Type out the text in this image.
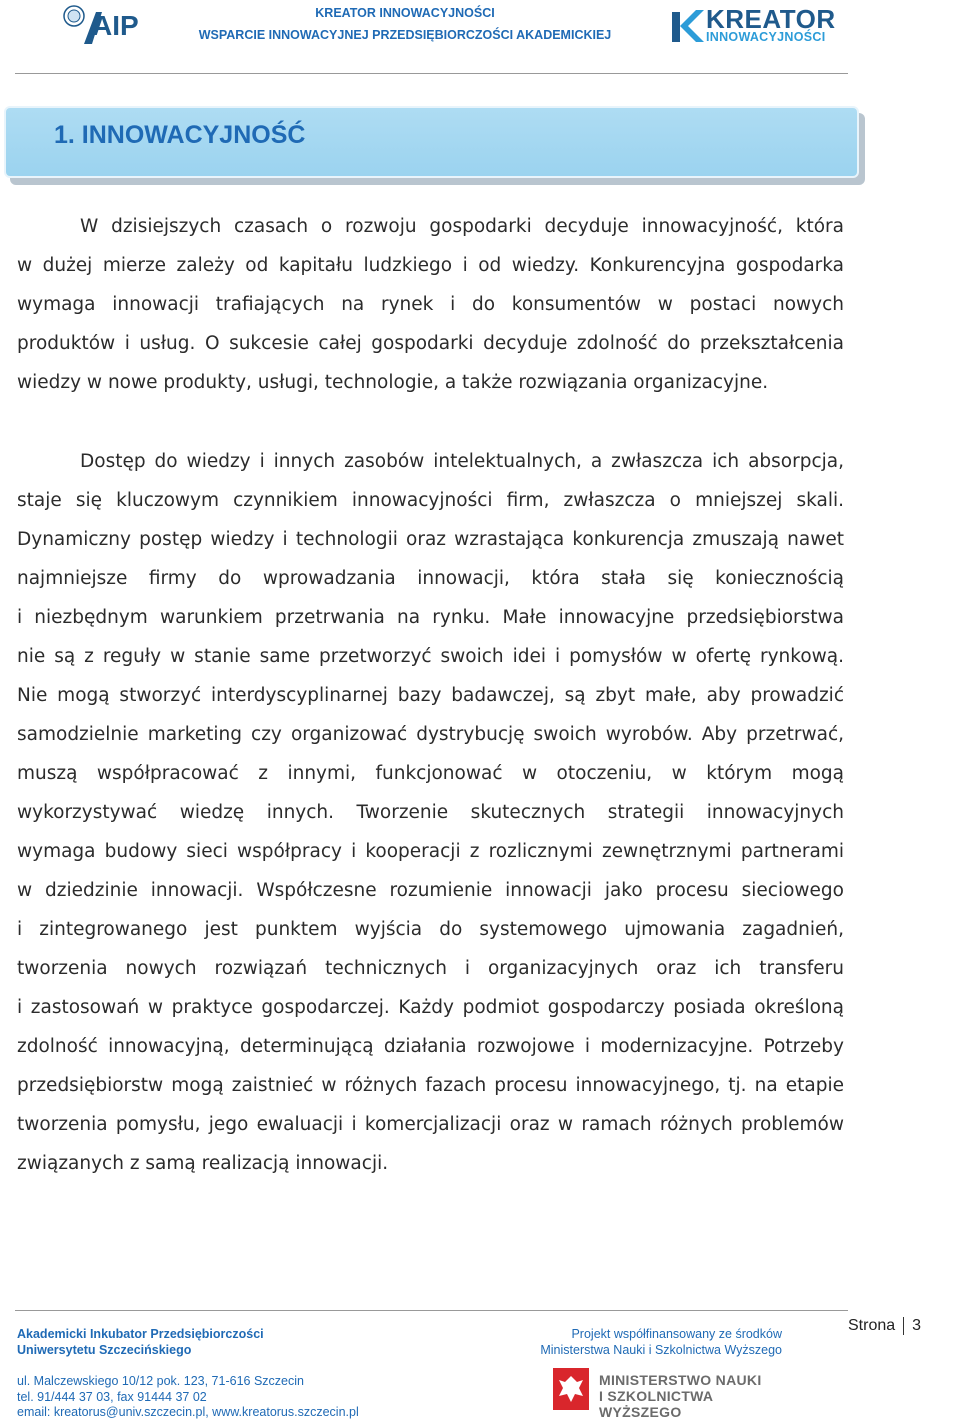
AIP	KREATOR INNOWACYJNOŚCI
WSPARCIE INNOWACYJNEJ PRZEDSIĘBIORCZOŚCI AKADEMICKIEJ
KREATOR
INNOWACYJNOŚCI
1. INNOWACYJNOŚĆ
W dzisiejszych czasach o rozwoju gospodarki decyduje innowacyjność, która
w dużej mierze zależy od kapitału ludzkiego i od wiedzy. Konkurencyjna gospodarka
wymaga innowacji trafiających na rynek i do konsumentów w postaci nowych
produktów i usług. O sukcesie całej gospodarki decyduje zdolność do przekształcenia
wiedzy w nowe produkty, usługi, technologie, a także rozwiązania organizacyjne.
Dostęp do wiedzy i innych zasobów intelektualnych, a zwłaszcza ich absorpcja,
staje się kluczowym czynnikiem innowacyjności firm, zwłaszcza o mniejszej skali.
Dynamiczny postęp wiedzy i technologii oraz wzrastająca konkurencja zmuszają nawet
najmniejsze firmy do wprowadzania innowacji, która stała się koniecznością
i niezbędnym warunkiem przetrwania na rynku. Małe innowacyjne przedsiębiorstwa
nie są z reguły w stanie same przetworzyć swoich idei i pomysłów w ofertę rynkową.
Nie mogą stworzyć interdyscyplinarnej bazy badawczej, są zbyt małe, aby prowadzić
samodzielnie marketing czy organizować dystrybucję swoich wyrobów. Aby przetrwać,
muszą współpracować z innymi, funkcjonować w otoczeniu, w którym mogą
wykorzystywać wiedzę innych. Tworzenie skutecznych strategii innowacyjnych
wymaga budowy sieci współpracy i kooperacji z rozlicznymi zewnętrznymi partnerami
w dziedzinie innowacji. Współczesne rozumienie innowacji jako procesu sieciowego
i zintegrowanego jest punktem wyjścia do systemowego ujmowania zagadnień,
tworzenia nowych rozwiązań technicznych i organizacyjnych oraz ich transferu
i zastosowań w praktyce gospodarczej. Każdy podmiot gospodarczy posiada określoną
zdolność innowacyjną, determinującą działania rozwojowe i modernizacyjne. Potrzeby
przedsiębiorstw mogą zaistnieć w różnych fazach procesu innowacyjnego, tj. na etapie
tworzenia pomysłu, jego ewaluacji i komercjalizacji oraz w ramach różnych problemów
związanych z samą realizacją innowacji.
Strona 3
Akademicki Inkubator Przedsiębiorczości
Uniwersytetu Szczecińskiego
ul. Malczewskiego 10/12 pok. 123, 71-616 Szczecin
tel. 91/444 37 03, fax 91444 37 02
email: kreatorus@univ.szczecin.pl, www.kreatorus.szczecin.pl
Projekt współfinansowany ze środków
Ministerstwa Nauki i Szkolnictwa Wyższego
MINISTERSTWO NAUKI
I SZKOLNICTWA WYŻSZEGO
